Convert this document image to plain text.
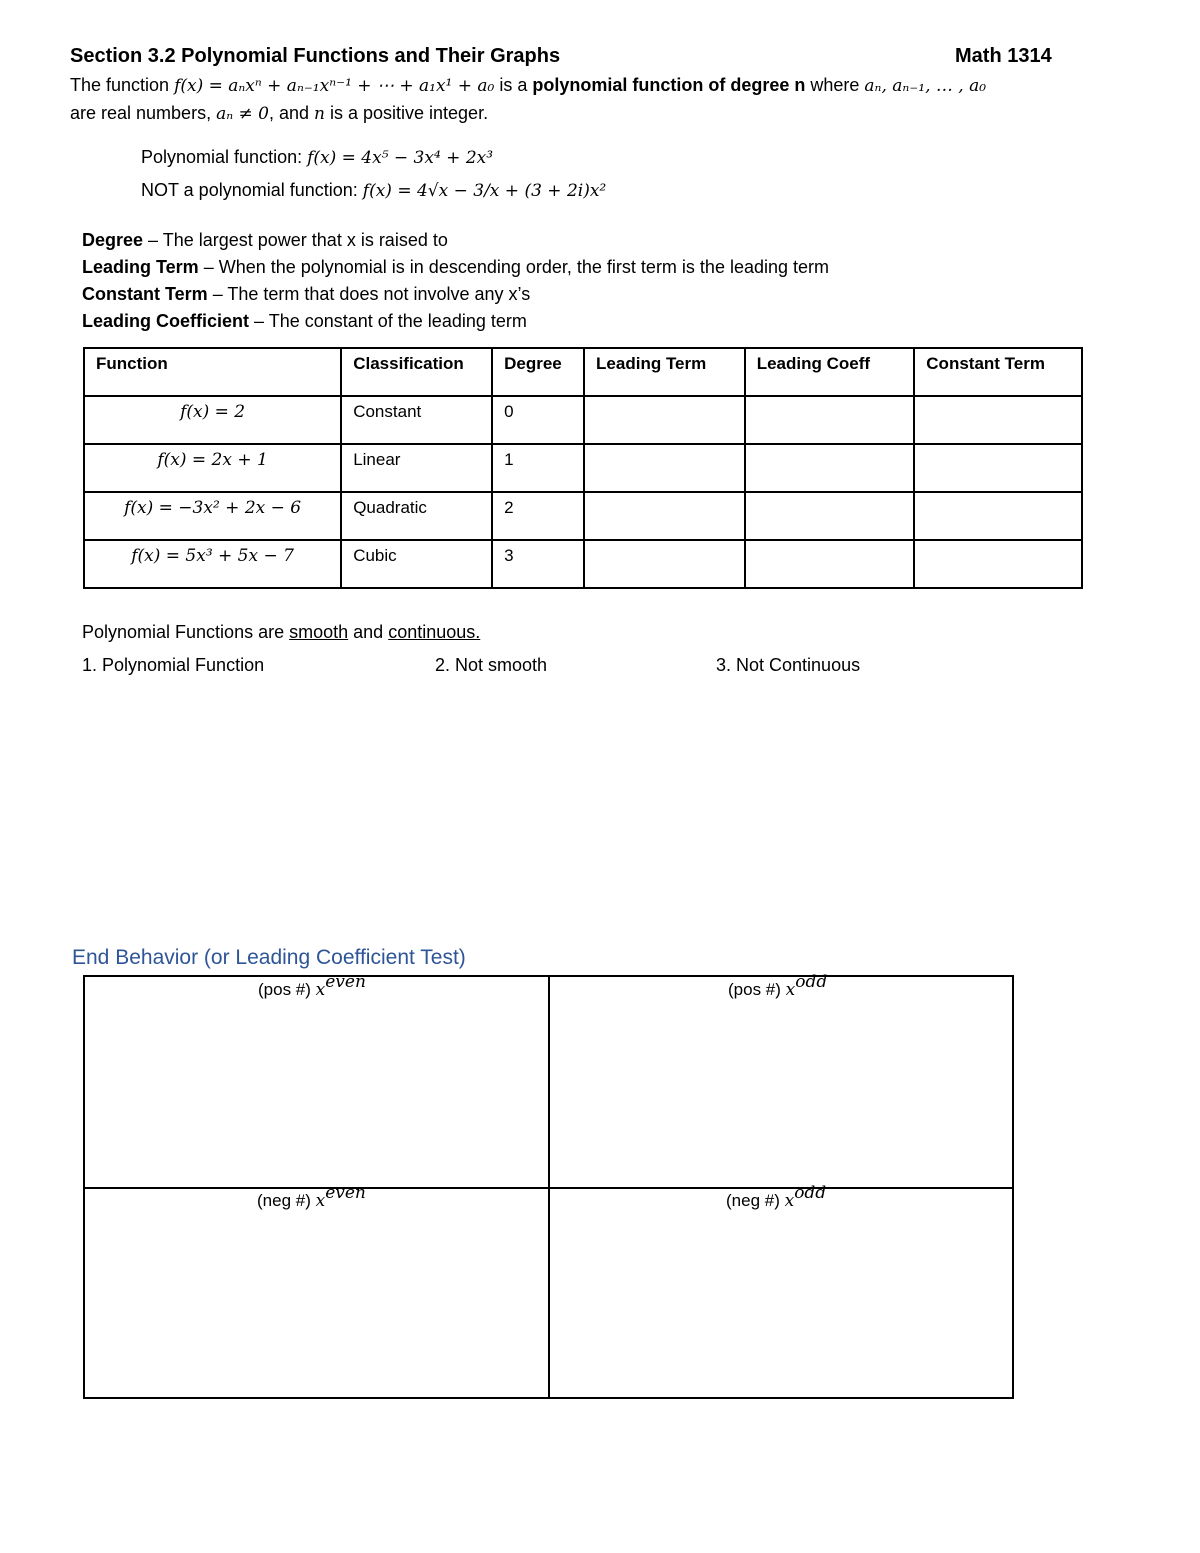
Section 3.2 Polynomial Functions and Their Graphs	Math 1314
The function f(x) = aₙxⁿ + aₙ₋₁xⁿ⁻¹ + ⋯ + a₁x¹ + a₀ is a polynomial function of degree n where aₙ, aₙ₋₁, … , a₀
are real numbers, aₙ ≠ 0, and n is a positive integer.
Polynomial function: f(x) = 4x⁵ − 3x⁴ + 2x³
NOT a polynomial function: f(x) = 4√x − 3/x + (3 + 2i)x²
Degree – The largest power that x is raised to
Leading Term – When the polynomial is in descending order, the first term is the leading term
Constant Term – The term that does not involve any x’s
Leading Coefficient – The constant of the leading term
Function	Classification	Degree	Leading Term	Leading Coeff	Constant Term
f(x) = 2	Constant	0			
f(x) = 2x + 1	Linear	1			
f(x) = −3x² + 2x − 6	Quadratic	2			
f(x) = 5x³ + 5x − 7	Cubic	3			
Polynomial Functions are smooth and continuous.
1. Polynomial Function	2. Not smooth	3. Not Continuous
End Behavior (or Leading Coefficient Test)
(pos #) $x^{even}$	(pos #) $x^{odd}$
(neg #) $x^{even}$	(neg #) $x^{odd}$
